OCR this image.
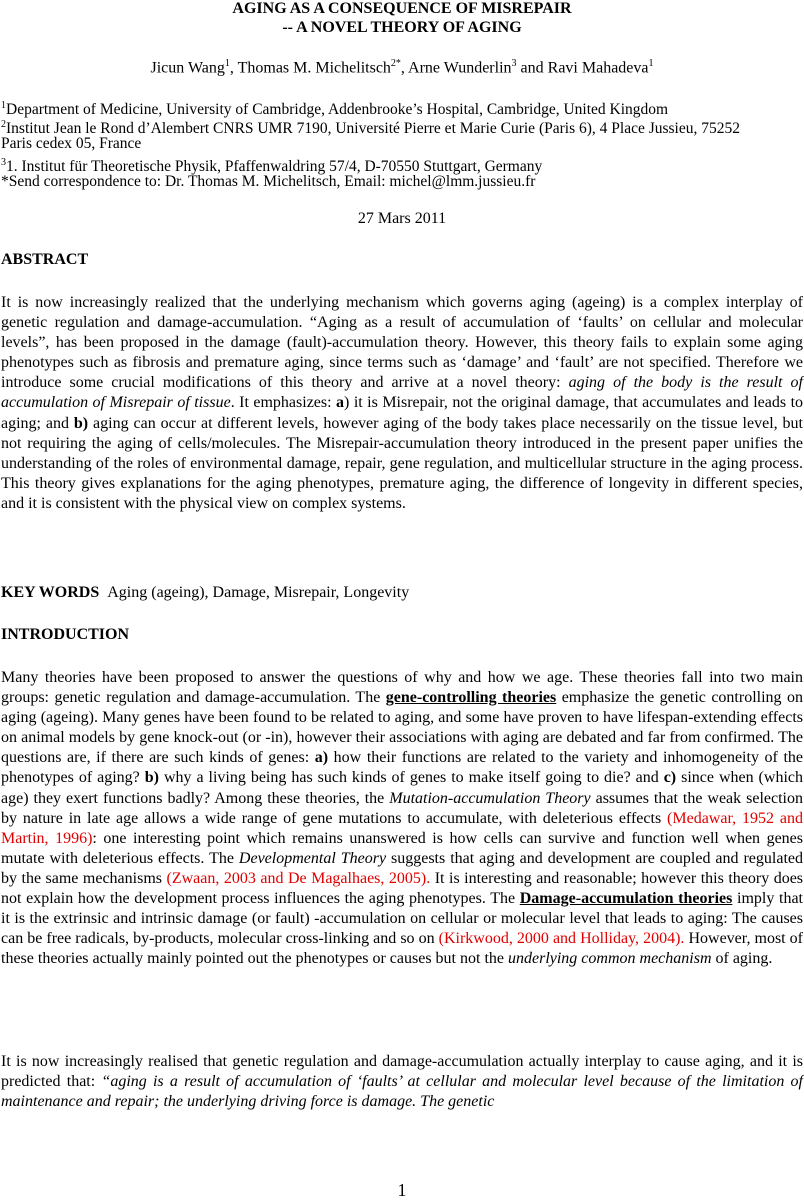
AGING AS A CONSEQUENCE OF MISREPAIR
-- A NOVEL THEORY OF AGING
Jicun Wang$^1$, Thomas M. Michelitsch$^{2*}$, Arne Wunderlin$^3$ and Ravi Mahadeva$^1$
$^1$Department of Medicine, University of Cambridge, Addenbrooke’s Hospital, Cambridge, United Kingdom
$^2$Institut Jean le Rond d’Alembert CNRS UMR 7190, Université Pierre et Marie Curie (Paris 6), 4 Place Jussieu, 75252
Paris cedex 05, France
$^3$1. Institut für Theoretische Physik, Pfaffenwaldring 57/4, D-70550 Stuttgart, Germany
*Send correspondence to: Dr. Thomas M. Michelitsch, Email: michel@lmm.jussieu.fr
27 Mars 2011
ABSTRACT
It is now increasingly realized that the underlying mechanism which governs aging (ageing) is a complex interplay of genetic regulation and damage-accumulation. “Aging as a result of accumulation of ‘faults’ on cellular and molecular levels”, has been proposed in the damage (fault)-accumulation theory. However, this theory fails to explain some aging phenotypes such as fibrosis and premature aging, since terms such as ‘damage’ and ‘fault’ are not specified. Therefore we introduce some crucial modifications of this theory and arrive at a novel theory: aging of the body is the result of accumulation of Misrepair of tissue. It emphasizes: a) it is Misrepair, not the original damage, that accumulates and leads to aging; and b) aging can occur at different levels, however aging of the body takes place necessarily on the tissue level, but not requiring the aging of cells/molecules. The Misrepair-accumulation theory introduced in the present paper unifies the understanding of the roles of environmental damage, repair, gene regulation, and multicellular structure in the aging process. This theory gives explanations for the aging phenotypes, premature aging, the difference of longevity in different species, and it is consistent with the physical view on complex systems.
KEY WORDS Aging (ageing), Damage, Misrepair, Longevity
INTRODUCTION
Many theories have been proposed to answer the questions of why and how we age. These theories fall into two main groups: genetic regulation and damage-accumulation. The gene-controlling theories emphasize the genetic controlling on aging (ageing). Many genes have been found to be related to aging, and some have proven to have lifespan-extending effects on animal models by gene knock-out (or -in), however their associations with aging are debated and far from confirmed. The questions are, if there are such kinds of genes: a) how their functions are related to the variety and inhomogeneity of the phenotypes of aging? b) why a living being has such kinds of genes to make itself going to die? and c) since when (which age) they exert functions badly? Among these theories, the Mutation-accumulation Theory assumes that the weak selection by nature in late age allows a wide range of gene mutations to accumulate, with deleterious effects (Medawar, 1952 and Martin, 1996): one interesting point which remains unanswered is how cells can survive and function well when genes mutate with deleterious effects. The Developmental Theory suggests that aging and development are coupled and regulated by the same mechanisms (Zwaan, 2003 and De Magalhaes, 2005). It is interesting and reasonable; however this theory does not explain how the development process influences the aging phenotypes. The Damage-accumulation theories imply that it is the extrinsic and intrinsic damage (or fault) -accumulation on cellular or molecular level that leads to aging: The causes can be free radicals, by-products, molecular cross-linking and so on (Kirkwood, 2000 and Holliday, 2004). However, most of these theories actually mainly pointed out the phenotypes or causes but not the underlying common mechanism of aging.
It is now increasingly realised that genetic regulation and damage-accumulation actually interplay to cause aging, and it is predicted that: “aging is a result of accumulation of ‘faults’ at cellular and molecular level because of the limitation of maintenance and repair; the underlying driving force is damage. The genetic
1
